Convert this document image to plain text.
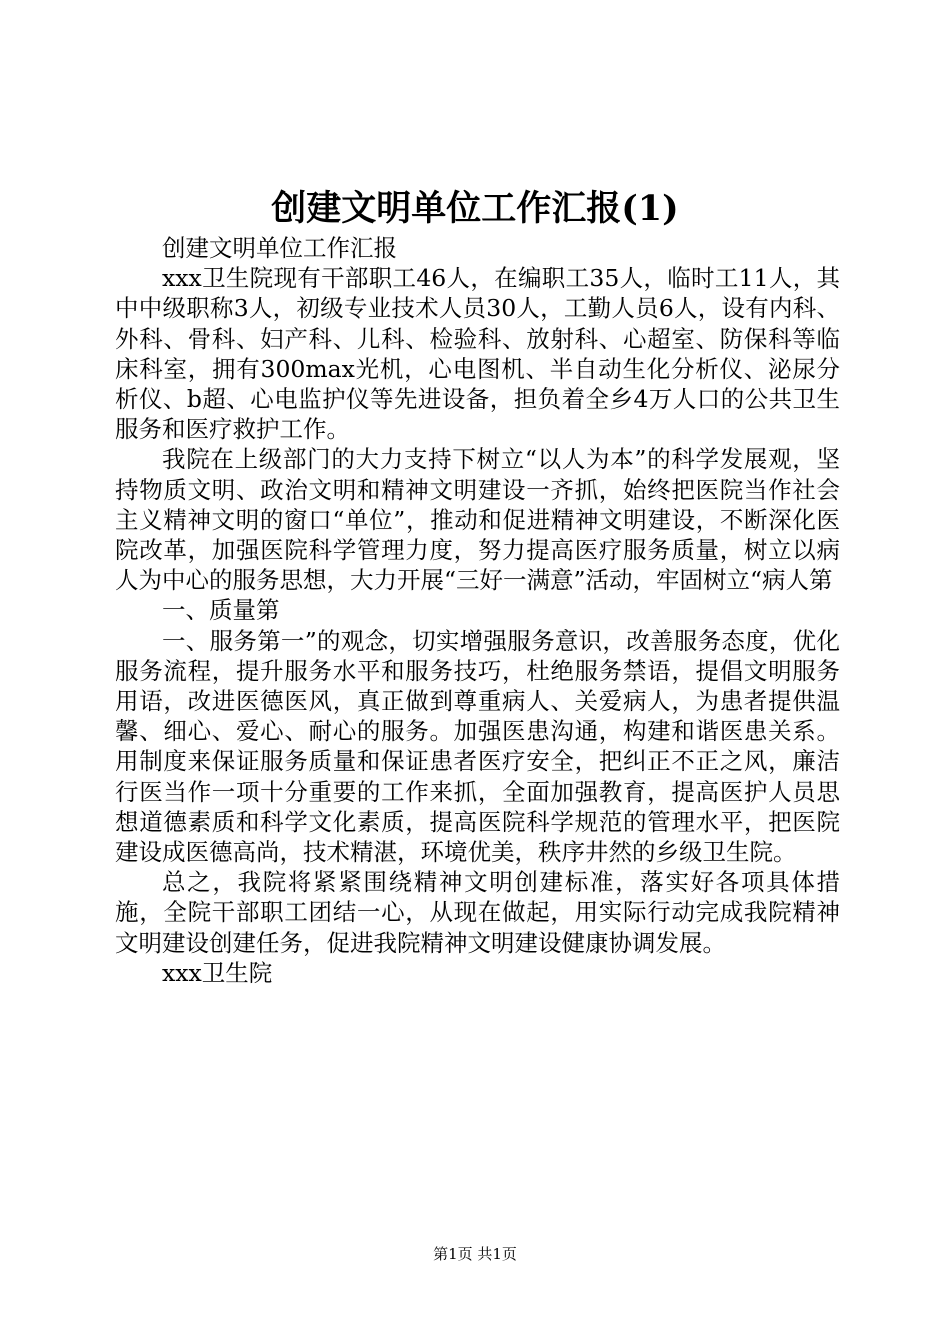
创建文明单位工作汇报(1)

创建文明单位工作汇报

xxx卫生院现有干部职工46人，在编职工35人，临时工11人，其中中级职称3人，初级专业技术人员30人，工勤人员6人，设有内科、外科、骨科、妇产科、儿科、检验科、放射科、心超室、防保科等临床科室，拥有300max光机，心电图机、半自动生化分析仪、泌尿分析仪、b超、心电监护仪等先进设备，担负着全乡4万人口的公共卫生服务和医疗救护工作。

我院在上级部门的大力支持下树立“以人为本”的科学发展观，坚持物质文明、政治文明和精神文明建设一齐抓，始终把医院当作社会主义精神文明的窗口“单位”，推动和促进精神文明建设，不断深化医院改革，加强医院科学管理力度，努力提高医疗服务质量，树立以病人为中心的服务思想，大力开展“三好一满意”活动，牢固树立“病人第

一、质量第

一、服务第一”的观念，切实增强服务意识，改善服务态度，优化服务流程，提升服务水平和服务技巧，杜绝服务禁语，提倡文明服务用语，改进医德医风，真正做到尊重病人、关爱病人，为患者提供温馨、细心、爱心、耐心的服务。加强医患沟通，构建和谐医患关系。用制度来保证服务质量和保证患者医疗安全，把纠正不正之风，廉洁行医当作一项十分重要的工作来抓，全面加强教育，提高医护人员思想道德素质和科学文化素质，提高医院科学规范的管理水平，把医院建设成医德高尚，技术精湛，环境优美，秩序井然的乡级卫生院。

总之，我院将紧紧围绕精神文明创建标准，落实好各项具体措施，全院干部职工团结一心，从现在做起，用实际行动完成我院精神文明建设创建任务，促进我院精神文明建设健康协调发展。

xxx卫生院

第1页 共1页
